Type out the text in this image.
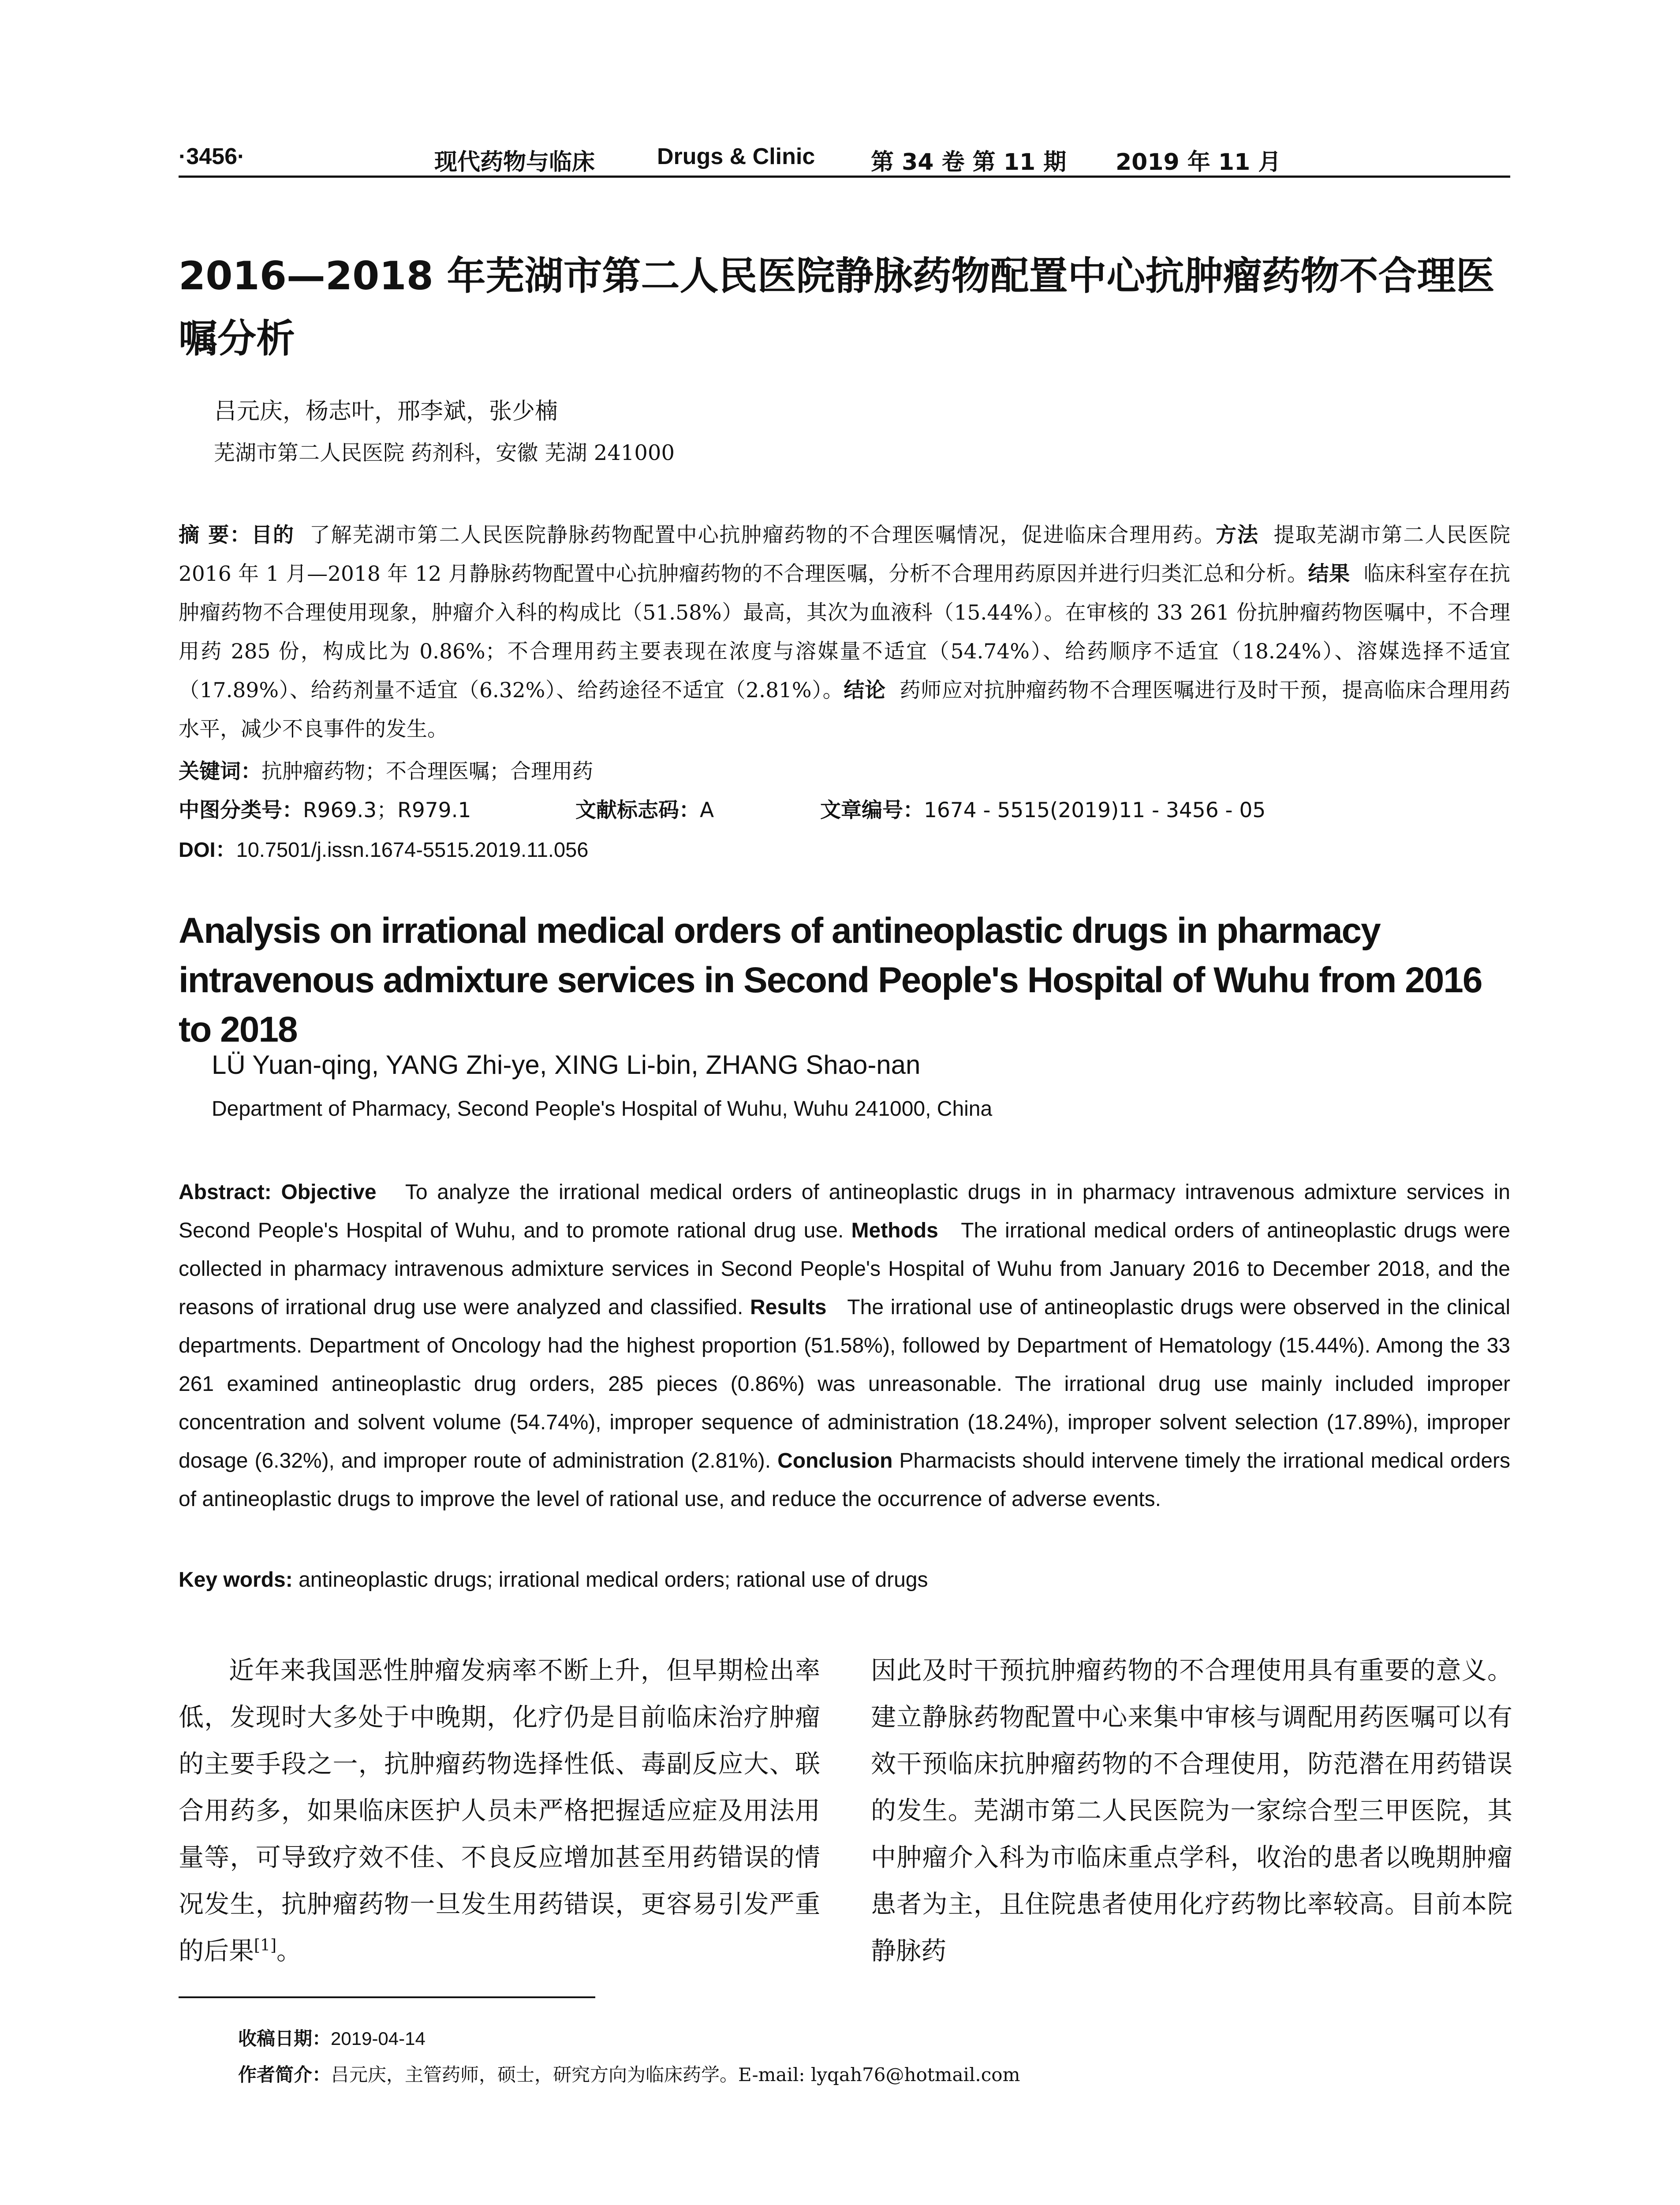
·3456·	现代药物与临床	Drugs & Clinic 第 34 卷 第 11 期 2019 年 11 月
2016—2018 年芜湖市第二人民医院静脉药物配置中心抗肿瘤药物不合理医嘱分析
吕元庆，杨志叶，邢李斌，张少楠
芜湖市第二人民医院 药剂科，安徽 芜湖 241000

摘 要：目的 了解芜湖市第二人民医院静脉药物配置中心抗肿瘤药物的不合理医嘱情况，促进临床合理用药。方法 提取芜湖市第二人民医院 2016 年 1 月—2018 年 12 月静脉药物配置中心抗肿瘤药物的不合理医嘱，分析不合理用药原因并进行归类汇总和分析。结果 临床科室存在抗肿瘤药物不合理使用现象，肿瘤介入科的构成比（51.58%）最高，其次为血液科（15.44%）。在审核的 33 261 份抗肿瘤药物医嘱中，不合理用药 285 份，构成比为 0.86%；不合理用药主要表现在浓度与溶媒量不适宜（54.74%）、给药顺序不适宜（18.24%）、溶媒选择不适宜（17.89%）、给药剂量不适宜（6.32%）、给药途径不适宜（2.81%）。结论 药师应对抗肿瘤药物不合理医嘱进行及时干预，提高临床合理用药水平，减少不良事件的发生。

关键词：抗肿瘤药物；不合理医嘱；合理用药
中图分类号：R969.3；R979.1	文献标志码：A	文章编号：1674 - 5515(2019)11 - 3456 - 05
DOI：10.7501/j.issn.1674-5515.2019.11.056
Analysis on irrational medical orders of antineoplastic drugs in pharmacy intravenous admixture services in Second People's Hospital of Wuhu from 2016 to 2018
LÜ Yuan-qing, YANG Zhi-ye, XING Li-bin, ZHANG Shao-nan
Department of Pharmacy, Second People's Hospital of Wuhu, Wuhu 241000, China

Abstract: Objective To analyze the irrational medical orders of antineoplastic drugs in in pharmacy intravenous admixture services in Second People's Hospital of Wuhu, and to promote rational drug use. Methods The irrational medical orders of antineoplastic drugs were collected in pharmacy intravenous admixture services in Second People's Hospital of Wuhu from January 2016 to December 2018, and the reasons of irrational drug use were analyzed and classified. Results The irrational use of antineoplastic drugs were observed in the clinical departments. Department of Oncology had the highest proportion (51.58%), followed by Department of Hematology (15.44%). Among the 33 261 examined antineoplastic drug orders, 285 pieces (0.86%) was unreasonable. The irrational drug use mainly included improper concentration and solvent volume (54.74%), improper sequence of administration (18.24%), improper solvent selection (17.89%), improper dosage (6.32%), and improper route of administration (2.81%). Conclusion Pharmacists should intervene timely the irrational medical orders of antineoplastic drugs to improve the level of rational use, and reduce the occurrence of adverse events.

Key words: antineoplastic drugs; irrational medical orders; rational use of drugs

近年来我国恶性肿瘤发病率不断上升，但早期检出率低，发现时大多处于中晚期，化疗仍是目前临床治疗肿瘤的主要手段之一，抗肿瘤药物选择性低、毒副反应大、联合用药多，如果临床医护人员未严格把握适应症及用法用量等，可导致疗效不佳、不良反应增加甚至用药错误的情况发生，抗肿瘤药物一旦发生用药错误，更容易引发严重的后果[1]。

因此及时干预抗肿瘤药物的不合理使用具有重要的意义。建立静脉药物配置中心来集中审核与调配用药医嘱可以有效干预临床抗肿瘤药物的不合理使用，防范潜在用药错误的发生。芜湖市第二人民医院为一家综合型三甲医院，其中肿瘤介入科为市临床重点学科，收治的患者以晚期肿瘤患者为主，且住院患者使用化疗药物比率较高。目前本院静脉药

收稿日期：2019-04-14
作者简介：吕元庆，主管药师，硕士，研究方向为临床药学。E-mail: lyqah76@hotmail.com
